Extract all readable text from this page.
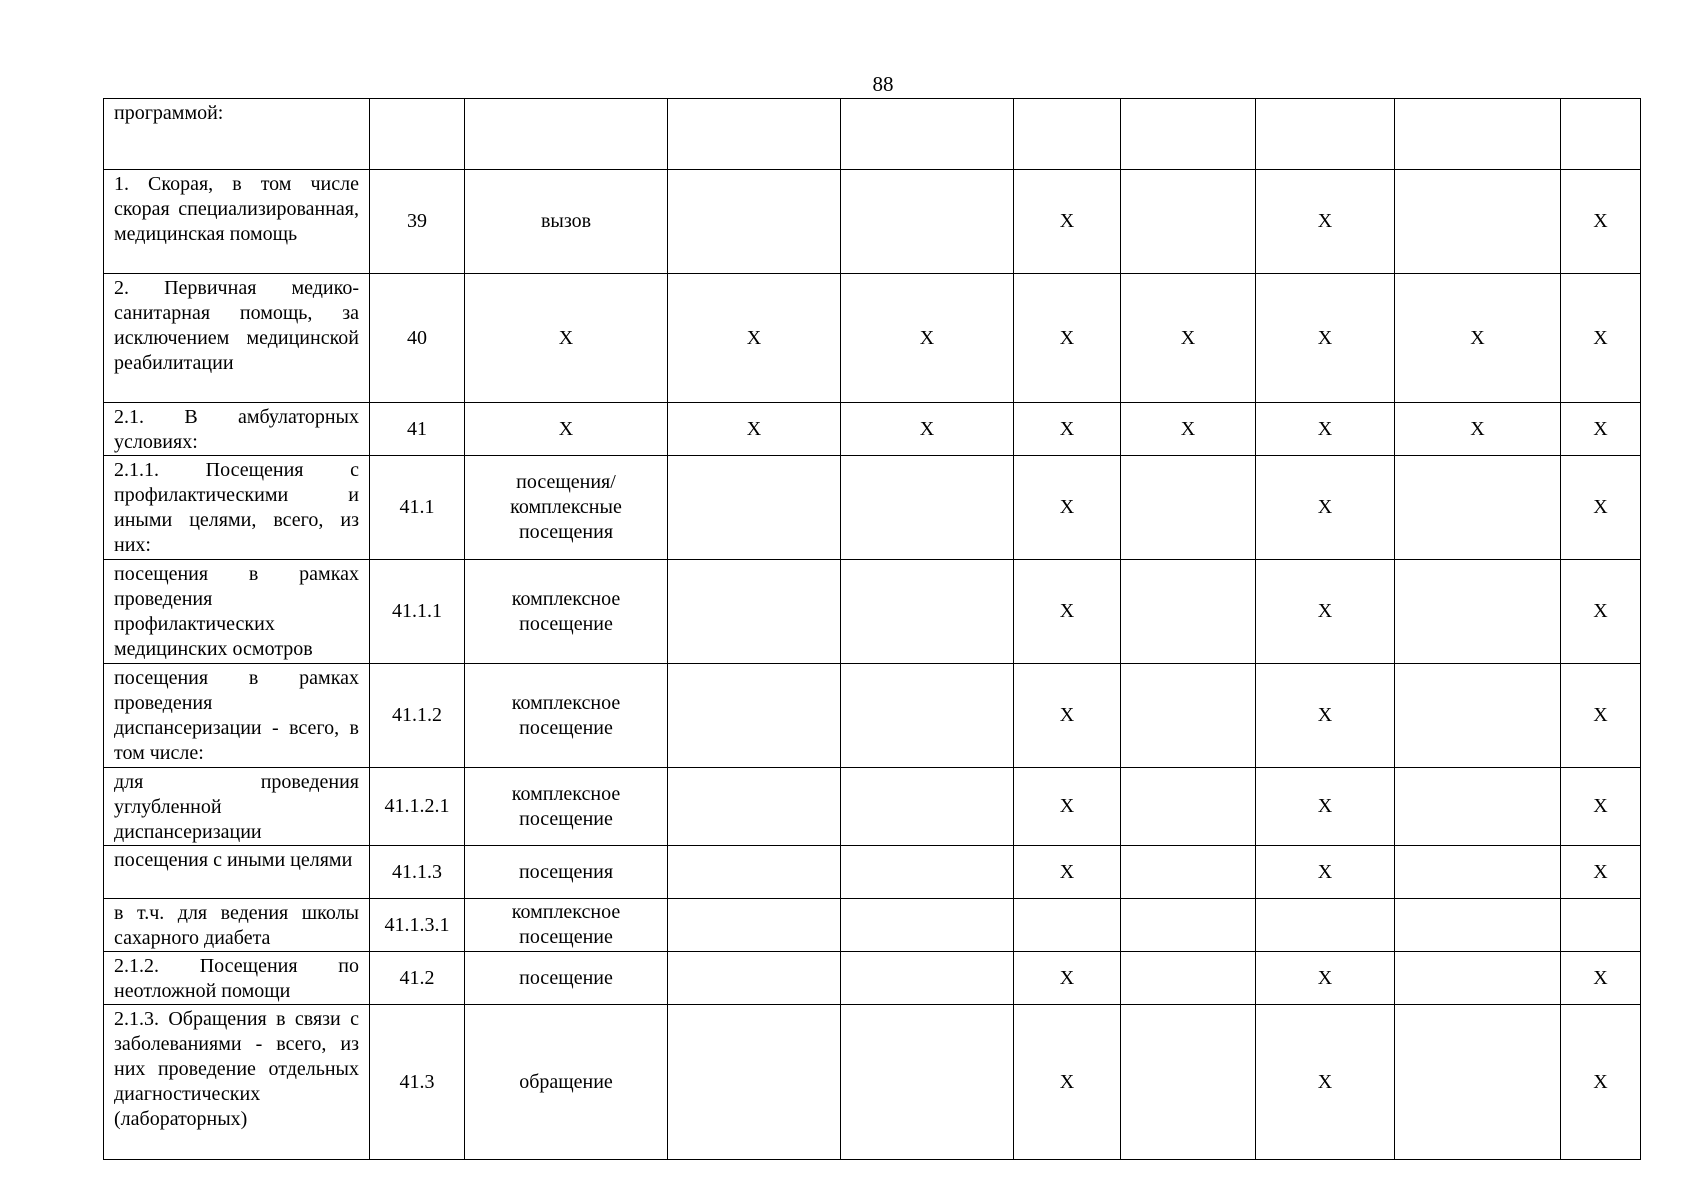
88
программой:									
1. Скорая, в том числе скорая специализированная, медицинская помощь	39	вызов			X		X		X
2. Первичная медико-санитарная помощь, за исключением медицинской реабилитации	40	X	X	X	X	X	X	X	X
2.1. В амбулаторных условиях:	41	X	X	X	X	X	X	X	X
2.1.1. Посещения с профилактическими и иными целями, всего, из них:	41.1	посещения/ комплексные посещения			X		X		X
посещения в рамках проведения профилактических медицинских осмотров	41.1.1	комплексное посещение			X		X		X
посещения в рамках проведения диспансеризации - всего, в том числе:	41.1.2	комплексное посещение			X		X		X
для проведения углубленной диспансеризации	41.1.2.1	комплексное посещение			X		X		X
посещения с иными целями	41.1.3	посещения			X		X		X
в т.ч. для ведения школы сахарного диабета	41.1.3.1	комплексное посещение							
2.1.2. Посещения по неотложной помощи	41.2	посещение			X		X		X
2.1.3. Обращения в связи с заболеваниями - всего, из них проведение отдельных диагностических (лабораторных)	41.3	обращение			X		X		X
